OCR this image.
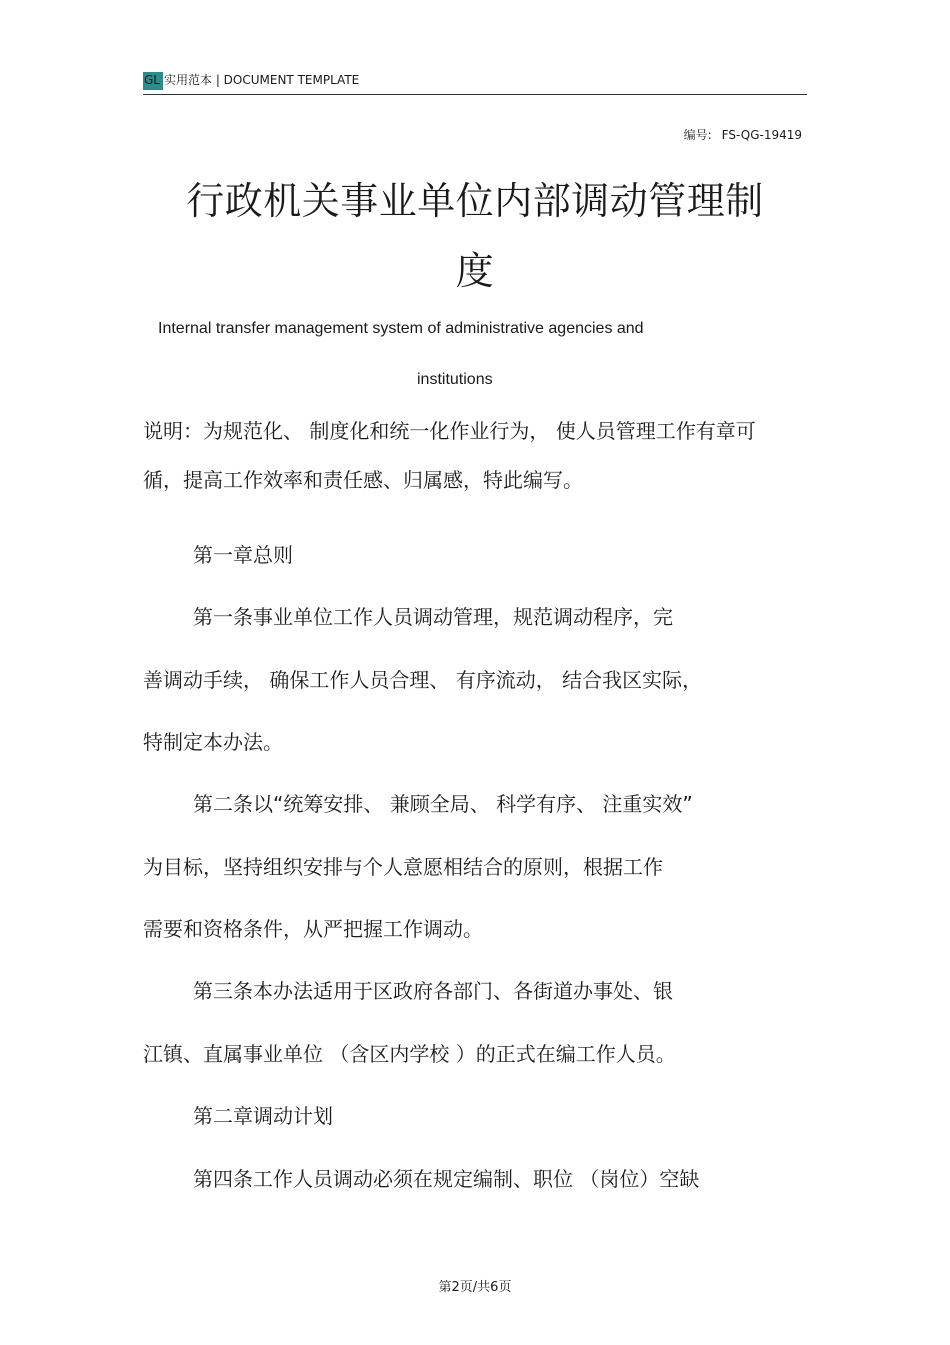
GL 实用范本 | DOCUMENT TEMPLATE
编号: FS-QG-19419
行政机关事业单位内部调动管理制
度
Internal transfer management system of administrative agencies and
institutions
说明：为规范化、 制度化和统一化作业行为， 使人员管理工作有章可
循，提高工作效率和责任感、归属感，特此编写。
第一章总则
第一条事业单位工作人员调动管理，规范调动程序，完
善调动手续， 确保工作人员合理、 有序流动， 结合我区实际，
特制定本办法。
第二条以“统筹安排、 兼顾全局、 科学有序、 注重实效”
为目标，坚持组织安排与个人意愿相结合的原则，根据工作
需要和资格条件，从严把握工作调动。
第三条本办法适用于区政府各部门、各街道办事处、银
江镇、直属事业单位 （含区内学校 ）的正式在编工作人员。
第二章调动计划
第四条工作人员调动必须在规定编制、职位 （岗位）空缺
第2页/共6页
